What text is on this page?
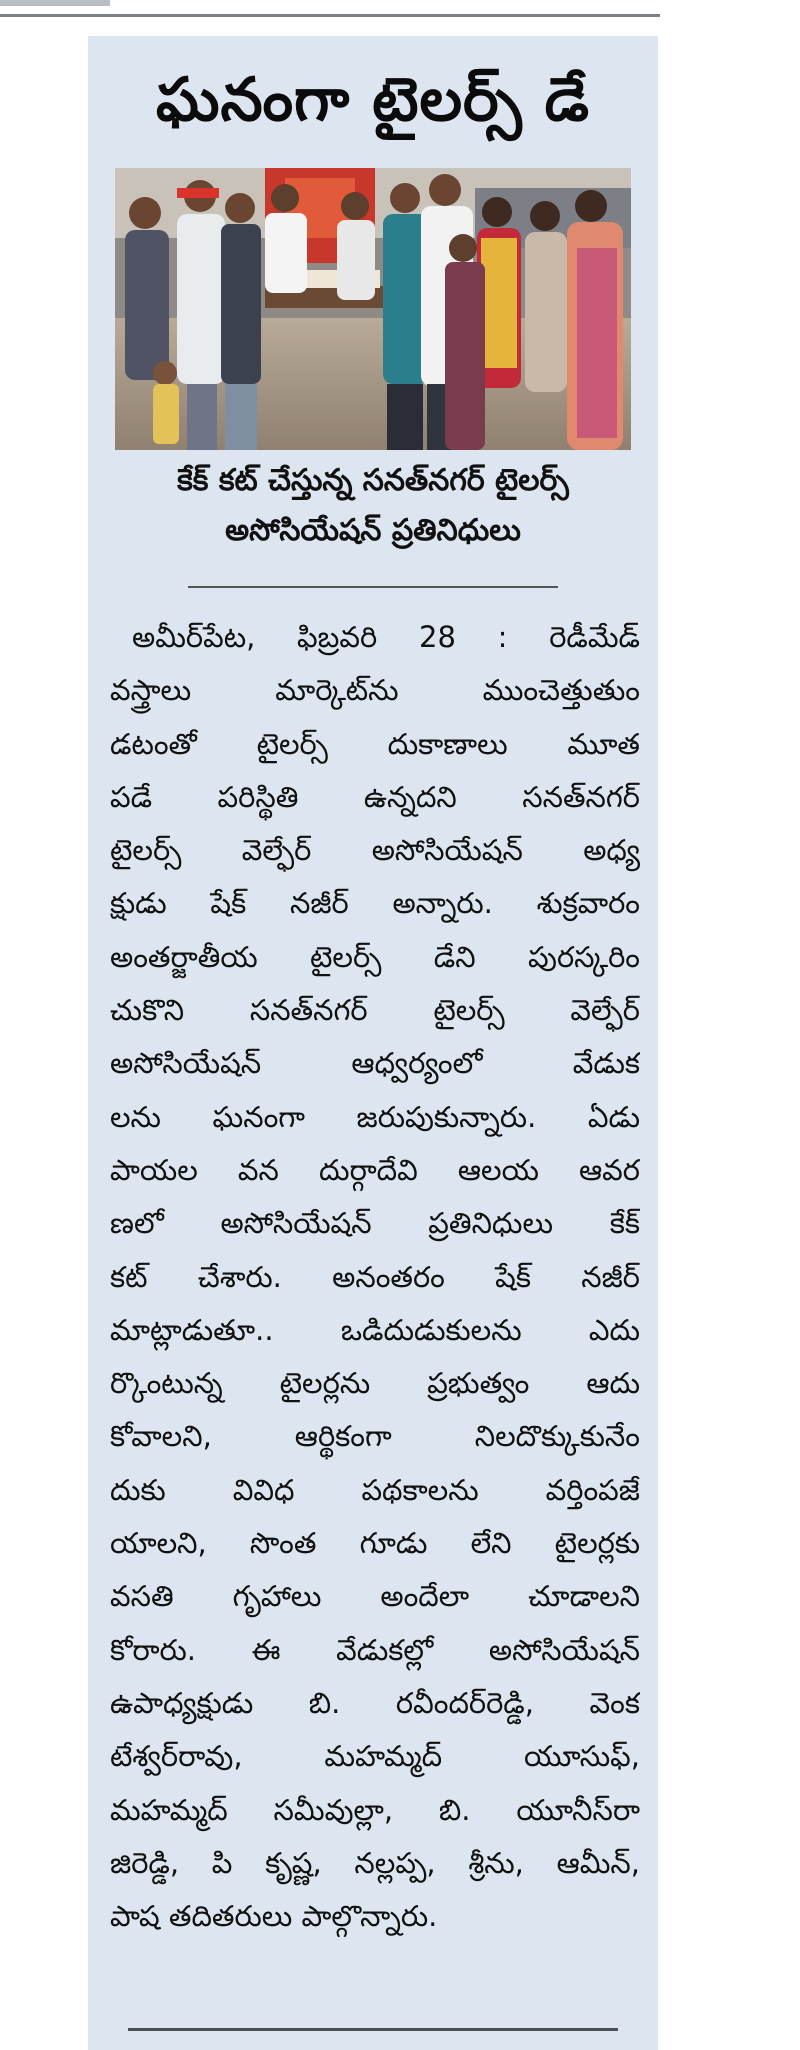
ఘనంగా టైలర్స్ డే
కేక్ కట్ చేస్తున్న సనత్‌నగర్ టైలర్స్
అసోసియేషన్ ప్రతినిధులు
అమీర్‌పేట, ఫిబ్రవరి 28 : రెడీమేడ్
వస్త్రాలు మార్కెట్‌ను ముంచెత్తుతుం
డటంతో టైలర్స్ దుకాణాలు మూత
పడే పరిస్థితి ఉన్నదని సనత్‌నగర్
టైలర్స్ వెల్ఫేర్ అసోసియేషన్ అధ్య
క్షుడు షేక్ నజీర్ అన్నారు. శుక్రవారం
అంతర్జాతీయ టైలర్స్ డేని పురస్కరిం
చుకొని సనత్‌నగర్ టైలర్స్ వెల్ఫేర్
అసోసియేషన్ ఆధ్వర్యంలో వేడుక
లను ఘనంగా జరుపుకున్నారు. ఏడు
పాయల వన దుర్గాదేవి ఆలయ ఆవర
ణలో అసోసియేషన్ ప్రతినిధులు కేక్
కట్ చేశారు. అనంతరం షేక్ నజీర్
మాట్లాడుతూ.. ఒడిదుడుకులను ఎదు
ర్కొంటున్న టైలర్లను ప్రభుత్వం ఆదు
కోవాలని, ఆర్థికంగా నిలదొక్కుకునేం
దుకు వివిధ పథకాలను వర్తింపజే
యాలని, సొంత గూడు లేని టైలర్లకు
వసతి గృహాలు అందేలా చూడాలని
కోరారు. ఈ వేడుకల్లో అసోసియేషన్
ఉపాధ్యక్షుడు బి. రవీందర్‌రెడ్డి, వెంక
టేశ్వర్‌రావు, మహమ్మద్ యూసుఫ్,
మహమ్మద్ సమీవుల్లా, బి. యూనీస్‌రా
జిరెడ్డి, పి కృష్ణ, నల్లప్ప, శ్రీను, ఆమీన్,
పాష తదితరులు పాల్గొన్నారు.
